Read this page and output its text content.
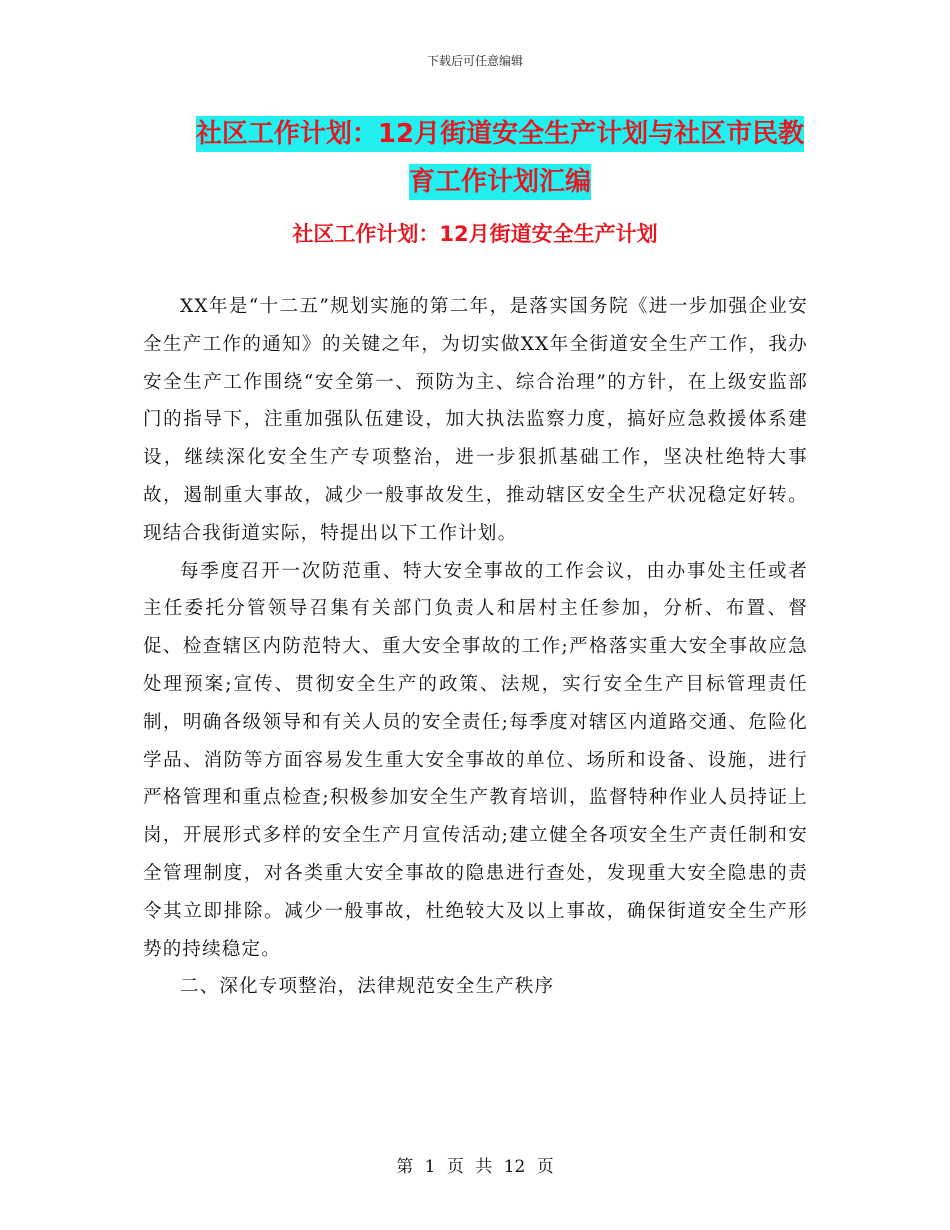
下载后可任意编辑
社区工作计划：12月街道安全生产计划与社区市民教
育工作计划汇编
社区工作计划：12月街道安全生产计划

XX年是“十二五”规划实施的第二年，是落实国务院《进一步加强企业安全生产工作的通知》的关键之年，为切实做XX年全街道安全生产工作，我办安全生产工作围绕“安全第一、预防为主、综合治理”的方针，在上级安监部门的指导下，注重加强队伍建设，加大执法监察力度，搞好应急救援体系建设，继续深化安全生产专项整治，进一步狠抓基础工作，坚决杜绝特大事故，遏制重大事故，减少一般事故发生，推动辖区安全生产状况稳定好转。现结合我街道实际，特提出以下工作计划。

每季度召开一次防范重、特大安全事故的工作会议，由办事处主任或者主任委托分管领导召集有关部门负责人和居村主任参加，分析、布置、督促、检查辖区内防范特大、重大安全事故的工作;严格落实重大安全事故应急处理预案;宣传、贯彻安全生产的政策、法规，实行安全生产目标管理责任制，明确各级领导和有关人员的安全责任;每季度对辖区内道路交通、危险化学品、消防等方面容易发生重大安全事故的单位、场所和设备、设施，进行严格管理和重点检查;积极参加安全生产教育培训，监督特种作业人员持证上岗，开展形式多样的安全生产月宣传活动;建立健全各项安全生产责任制和安全管理制度，对各类重大安全事故的隐患进行查处，发现重大安全隐患的责令其立即排除。减少一般事故，杜绝较大及以上事故，确保街道安全生产形势的持续稳定。

二、深化专项整治，法律规范安全生产秩序

第 1 页 共 12 页
